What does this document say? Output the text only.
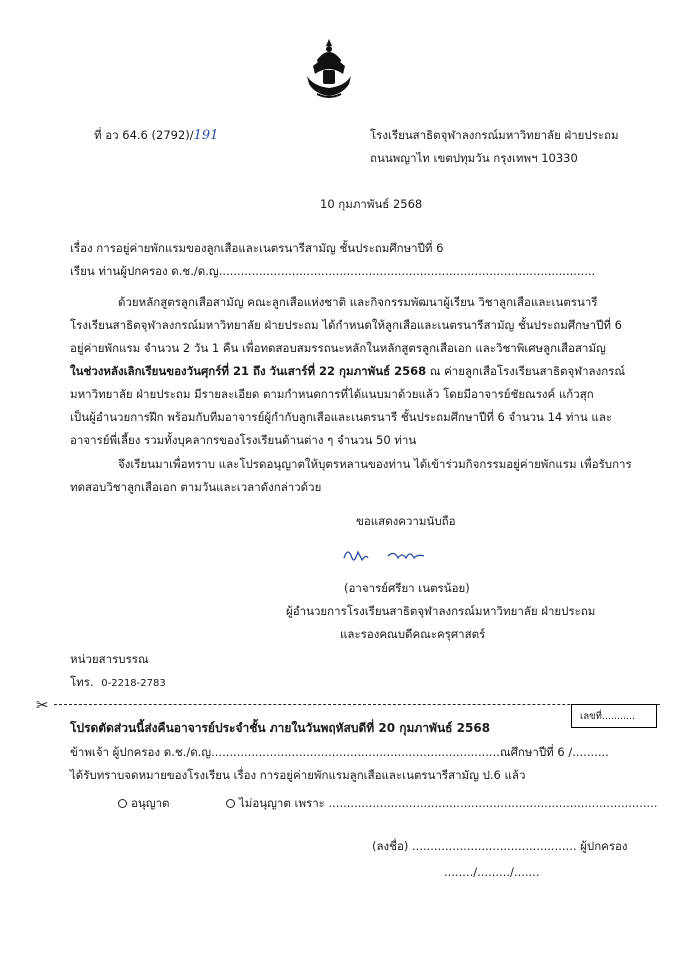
ที่ อว 64.6 (2792)/191	โรงเรียนสาธิตจุฬาลงกรณ์มหาวิทยาลัย ฝ่ายประถม
ถนนพญาไท เขตปทุมวัน กรุงเทพฯ 10330
10 กุมภาพันธ์ 2568
เรื่อง การอยู่ค่ายพักแรมของลูกเสือและเนตรนารีสามัญ ชั้นประถมศึกษาปีที่ 6
เรียน ท่านผู้ปกครอง ด.ช./ด.ญ.......................................................................................................
ด้วยหลักสูตรลูกเสือสามัญ คณะลูกเสือแห่งชาติ และกิจกรรมพัฒนาผู้เรียน วิชาลูกเสือและเนตรนารี
โรงเรียนสาธิตจุฬาลงกรณ์มหาวิทยาลัย ฝ่ายประถม ได้กำหนดให้ลูกเสือและเนตรนารีสามัญ ชั้นประถมศึกษาปีที่ 6
อยู่ค่ายพักแรม จำนวน 2 วัน 1 คืน เพื่อทดสอบสมรรถนะหลักในหลักสูตรลูกเสือเอก และวิชาพิเศษลูกเสือสามัญ
ในช่วงหลังเลิกเรียนของวันศุกร์ที่ 21 ถึง วันเสาร์ที่ 22 กุมภาพันธ์ 2568 ณ ค่ายลูกเสือโรงเรียนสาธิตจุฬาลงกรณ์
มหาวิทยาลัย ฝ่ายประถม มีรายละเอียด ตามกำหนดการที่ได้แนบมาด้วยแล้ว โดยมีอาจารย์ชัยณรงค์ แก้วสุก
เป็นผู้อำนวยการฝึก พร้อมกับทีมอาจารย์ผู้กำกับลูกเสือและเนตรนารี ชั้นประถมศึกษาปีที่ 6 จำนวน 14 ท่าน และ
อาจารย์พี่เลี้ยง รวมทั้งบุคลากรของโรงเรียนด้านต่าง ๆ จำนวน 50 ท่าน
จึงเรียนมาเพื่อทราบ และโปรดอนุญาตให้บุตรหลานของท่าน ได้เข้าร่วมกิจกรรมอยู่ค่ายพักแรม เพื่อรับการ
ทดสอบวิชาลูกเสือเอก ตามวันและเวลาดังกล่าวด้วย
ขอแสดงความนับถือ
(อาจารย์ศรียา เนตรน้อย)
ผู้อำนวยการโรงเรียนสาธิตจุฬาลงกรณ์มหาวิทยาลัย ฝ่ายประถม
และรองคณบดีคณะครุศาสตร์
หน่วยสารบรรณ
โทร. 0-2218-2783
✂
เลขที่...........
โปรดตัดส่วนนี้ส่งคืนอาจารย์ประจำชั้น ภายในวันพฤหัสบดีที่ 20 กุมภาพันธ์ 2568
ข้าพเจ้า ผู้ปกครอง ด.ช./ด.ญ...............................................................................ณศึกษาปีที่ 6 /..........
ได้รับทราบจดหมายของโรงเรียน เรื่อง การอยู่ค่ายพักแรมลูกเสือและเนตรนารีสามัญ ป.6 แล้ว
อนุญาต	ไม่อนุญาต เพราะ ..........................................................................................
(ลงชื่อ) ............................................. ผู้ปกครอง
......../........./.......
